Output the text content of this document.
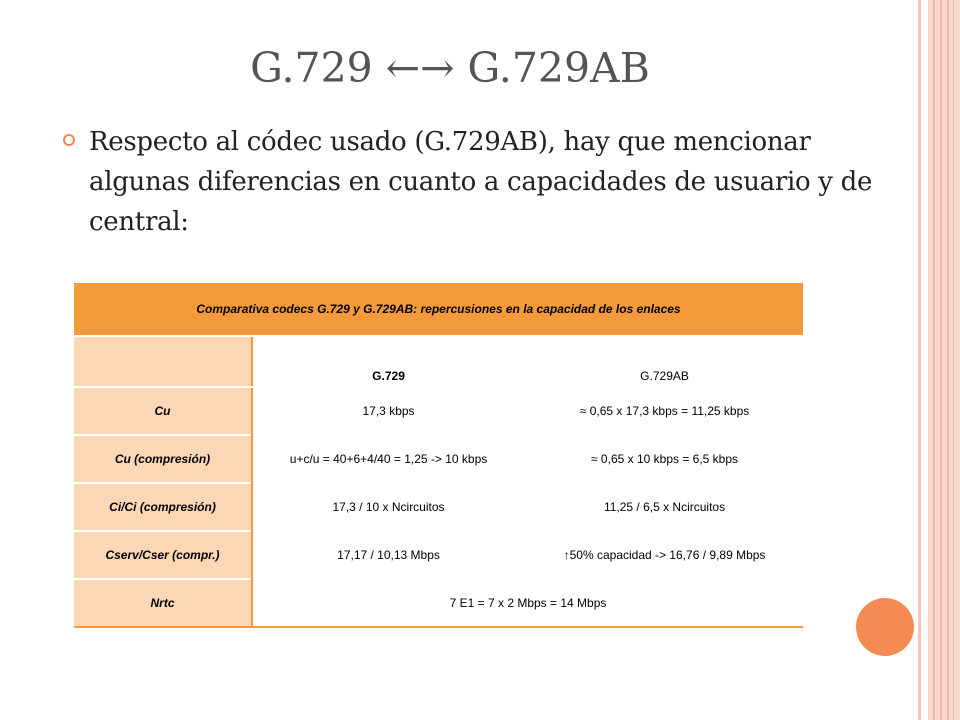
G.729 ←→ G.729AB
Respecto al códec usado (G.729AB), hay que mencionar algunas diferencias en cuanto a capacidades de usuario y de central:
Comparativa codecs G.729 y G.729AB: repercusiones en la capacidad de los enlaces		
	G.729	G.729AB
Cu	17,3 kbps	≈ 0,65 x 17,3 kbps = 11,25 kbps
Cu (compresión)	u+c/u = 40+6+4/40 = 1,25 -> 10 kbps	≈ 0,65 x 10 kbps = 6,5 kbps
Ci/Ci (compresión)	17,3 / 10 x Ncircuitos	11,25 / 6,5 x Ncircuitos
Cserv/Cser (compr.)	17,17 / 10,13 Mbps	↑50% capacidad -> 16,76 / 9,89 Mbps
Nrtc	7 E1 = 7 x 2 Mbps = 14 Mbps	
